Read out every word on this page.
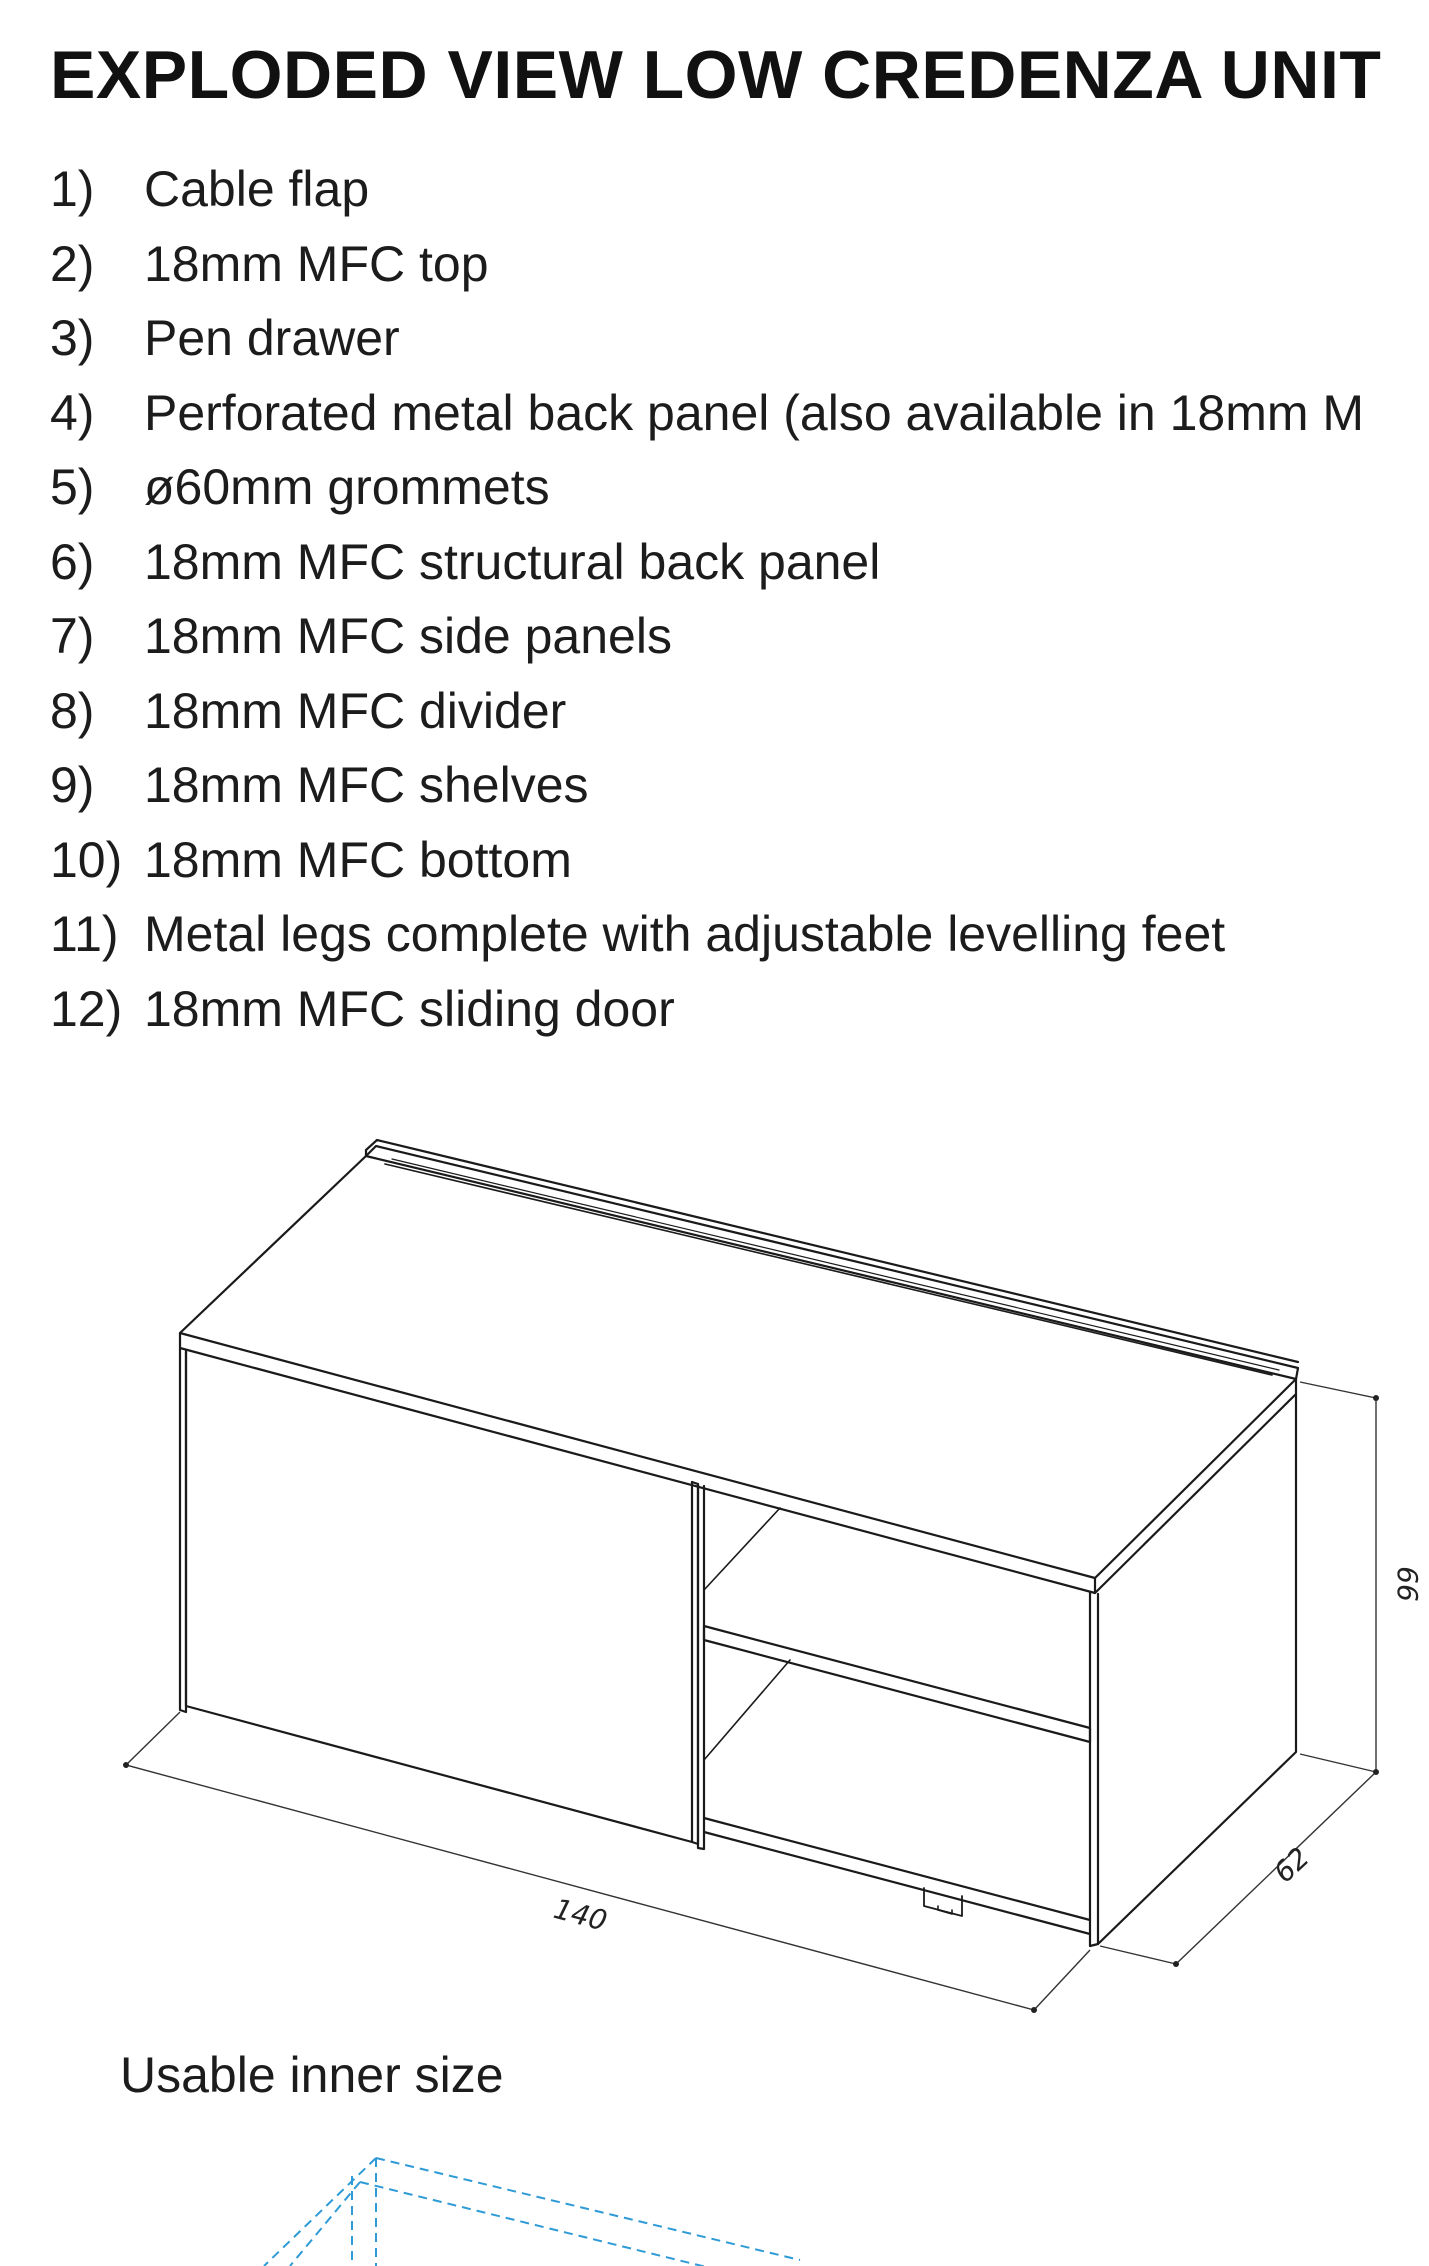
EXPLODED VIEW LOW CREDENZA UNIT
1) Cable flap
2) 18mm MFC top
3) Pen drawer
4) Perforated metal back panel (also available in 18mm M
5) ø60mm grommets
6) 18mm MFC structural back panel
7) 18mm MFC side panels
8) 18mm MFC divider
9) 18mm MFC shelves
10) 18mm MFC bottom
11) Metal legs complete with adjustable levelling feet
12) 18mm MFC sliding door
140
62
66
Usable inner size
